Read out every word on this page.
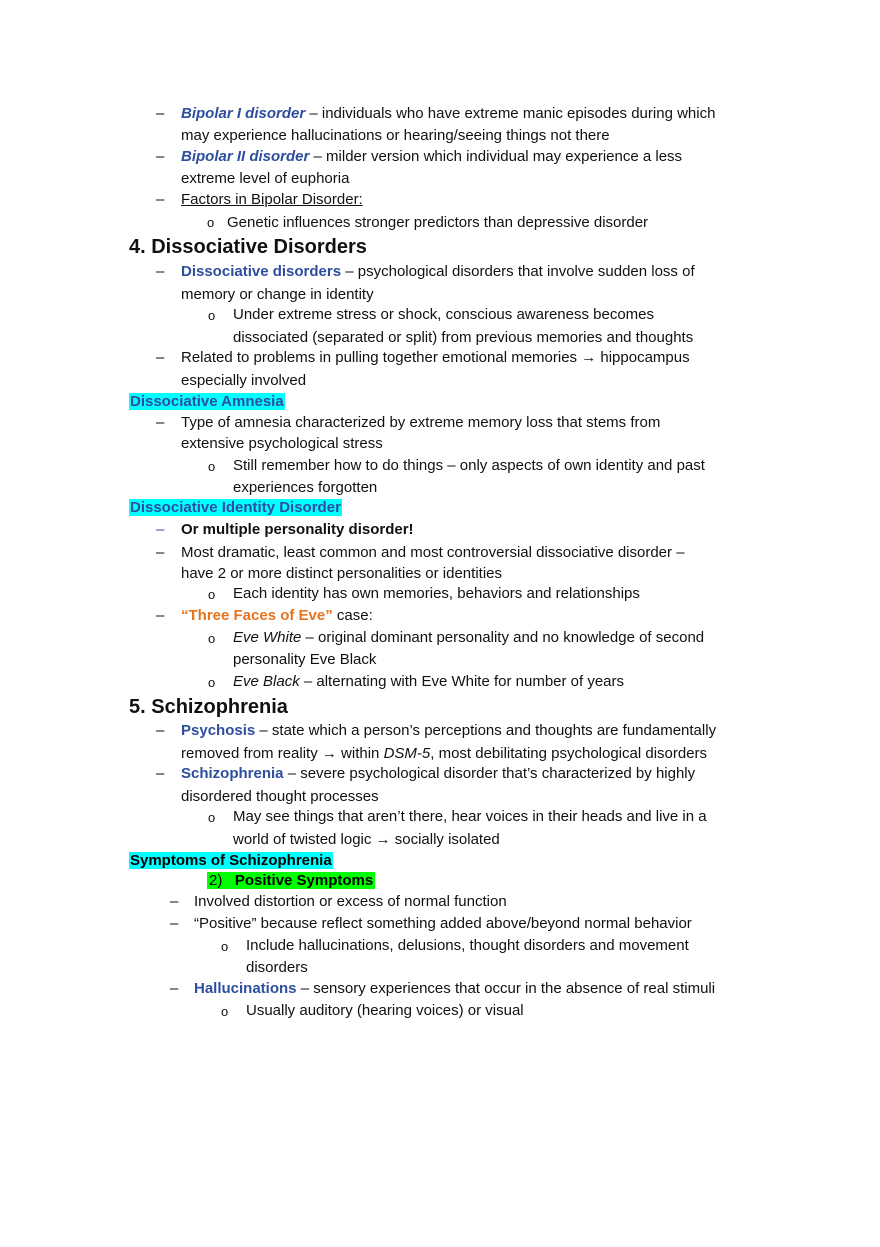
– Bipolar I disorder – individuals who have extreme manic episodes during which
may experience hallucinations or hearing/seeing things not there
– Bipolar II disorder – milder version which individual may experience a less
extreme level of euphoria
– Factors in Bipolar Disorder:
o Genetic influences stronger predictors than depressive disorder
4. Dissociative Disorders
– Dissociative disorders – psychological disorders that involve sudden loss of
memory or change in identity
o Under extreme stress or shock, conscious awareness becomes
dissociated (separated or split) from previous memories and thoughts
– Related to problems in pulling together emotional memories → hippocampus
especially involved
Dissociative Amnesia
– Type of amnesia characterized by extreme memory loss that stems from
extensive psychological stress
o Still remember how to do things – only aspects of own identity and past
experiences forgotten
Dissociative Identity Disorder
– Or multiple personality disorder!
– Most dramatic, least common and most controversial dissociative disorder –
have 2 or more distinct personalities or identities
o Each identity has own memories, behaviors and relationships
– “Three Faces of Eve” case:
o Eve White – original dominant personality and no knowledge of second
personality Eve Black
o Eve Black – alternating with Eve White for number of years
5. Schizophrenia
– Psychosis – state which a person’s perceptions and thoughts are fundamentally
removed from reality → within DSM-5, most debilitating psychological disorders
– Schizophrenia – severe psychological disorder that’s characterized by highly
disordered thought processes
o May see things that aren’t there, hear voices in their heads and live in a
world of twisted logic → socially isolated
Symptoms of Schizophrenia
2) Positive Symptoms
– Involved distortion or excess of normal function
– “Positive” because reflect something added above/beyond normal behavior
o Include hallucinations, delusions, thought disorders and movement
disorders
– Hallucinations – sensory experiences that occur in the absence of real stimuli
o Usually auditory (hearing voices) or visual
